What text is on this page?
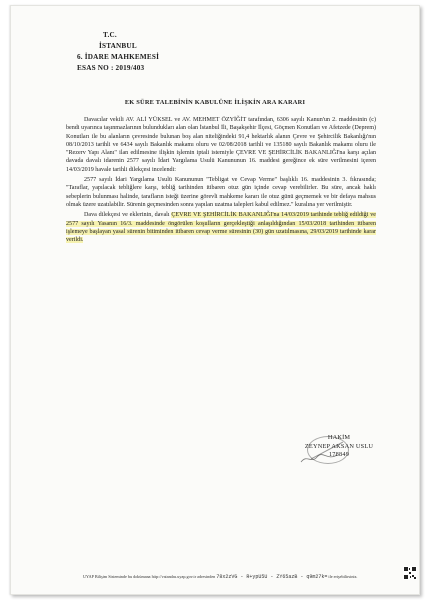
T.C.
İSTANBUL
6. İDARE MAHKEMESİ
ESAS NO : 2019/403
EK SÜRE TALEBİNİN KABULÜNE İLİŞKİN ARA KARARI

Davacılar vekili AV. ALİ YÜKSEL ve AV. MEHMET ÖZYİĞİT tarafından, 6306 sayılı Kanun'un 2. maddesinin (c) bendi uyarınca taşınmazlarının bulundukları alan olan İstanbul İli, Başakşehir İlçesi, Göçmen Konutları ve Afetzede (Deprem) Konutları ile bu alanların çevresinde bulunan boş alan niteliğindeki 91,4 hektarlık alanın Çevre ve Şehircilik Bakanlığı'nın 08/10/2013 tarihli ve 6434 sayılı Bakanlık makamı oluru ve 02/08/2018 tarihli ve 135180 sayılı Bakanlık makamı oluru ile "Rezerv Yapı Alanı" ilan edilmesine ilişkin işlemin iptali istemiyle ÇEVRE VE ŞEHİRCİLİK BAKANLIĞI'na karşı açılan davada davalı idarenin 2577 sayılı İdari Yargılama Usulü Kanununun 16. maddesi gereğince ek süre verilmesini içeren 14/03/2019 havale tarihli dilekçesi incelendi:

2577 sayılı İdari Yargılama Usulü Kanununun "Tebligat ve Cevap Verme" başlıklı 16. maddesinin 3. fıkrasında; "Taraflar, yapılacak tebliğlere karşı, tebliğ tarihinden itibaren otuz gün içinde cevap verebilirler. Bu süre, ancak haklı sebeplerin bulunması halinde, tarafların isteği üzerine görevli mahkeme kararı ile otuz günü geçmemek ve bir defaya mahsus olmak üzere uzatılabilir. Sürenin geçmesinden sonra yapılan uzatma talepleri kabul edilmez." kuralına yer verilmiştir.

Dava dilekçesi ve eklerinin, davalı ÇEVRE VE ŞEHİRCİLİK BAKANLIĞI'na 14/03/2019 tarihinde tebliğ edildiği ve 2577 sayılı Yasanın 16/3. maddesinde öngörülen koşulların gerçekleştiği anlaşıldığından 15/03/2018 tarihinden itibaren işlemeye başlayan yasal sürenin bitiminden itibaren cevap verme süresinin (30) gün uzatılmasına, 29/03/2019 tarihinde karar verildi.

HAKİM
ZEYNEP AKSAN USLU
178849
UYAP Bilişim Sisteminde bu dokümana http://vatandas.uyap.gov.tr adresinden 78x2zVG - R+ypU5U - ZY65azB - q9m27k= ile erişebilirsiniz.
